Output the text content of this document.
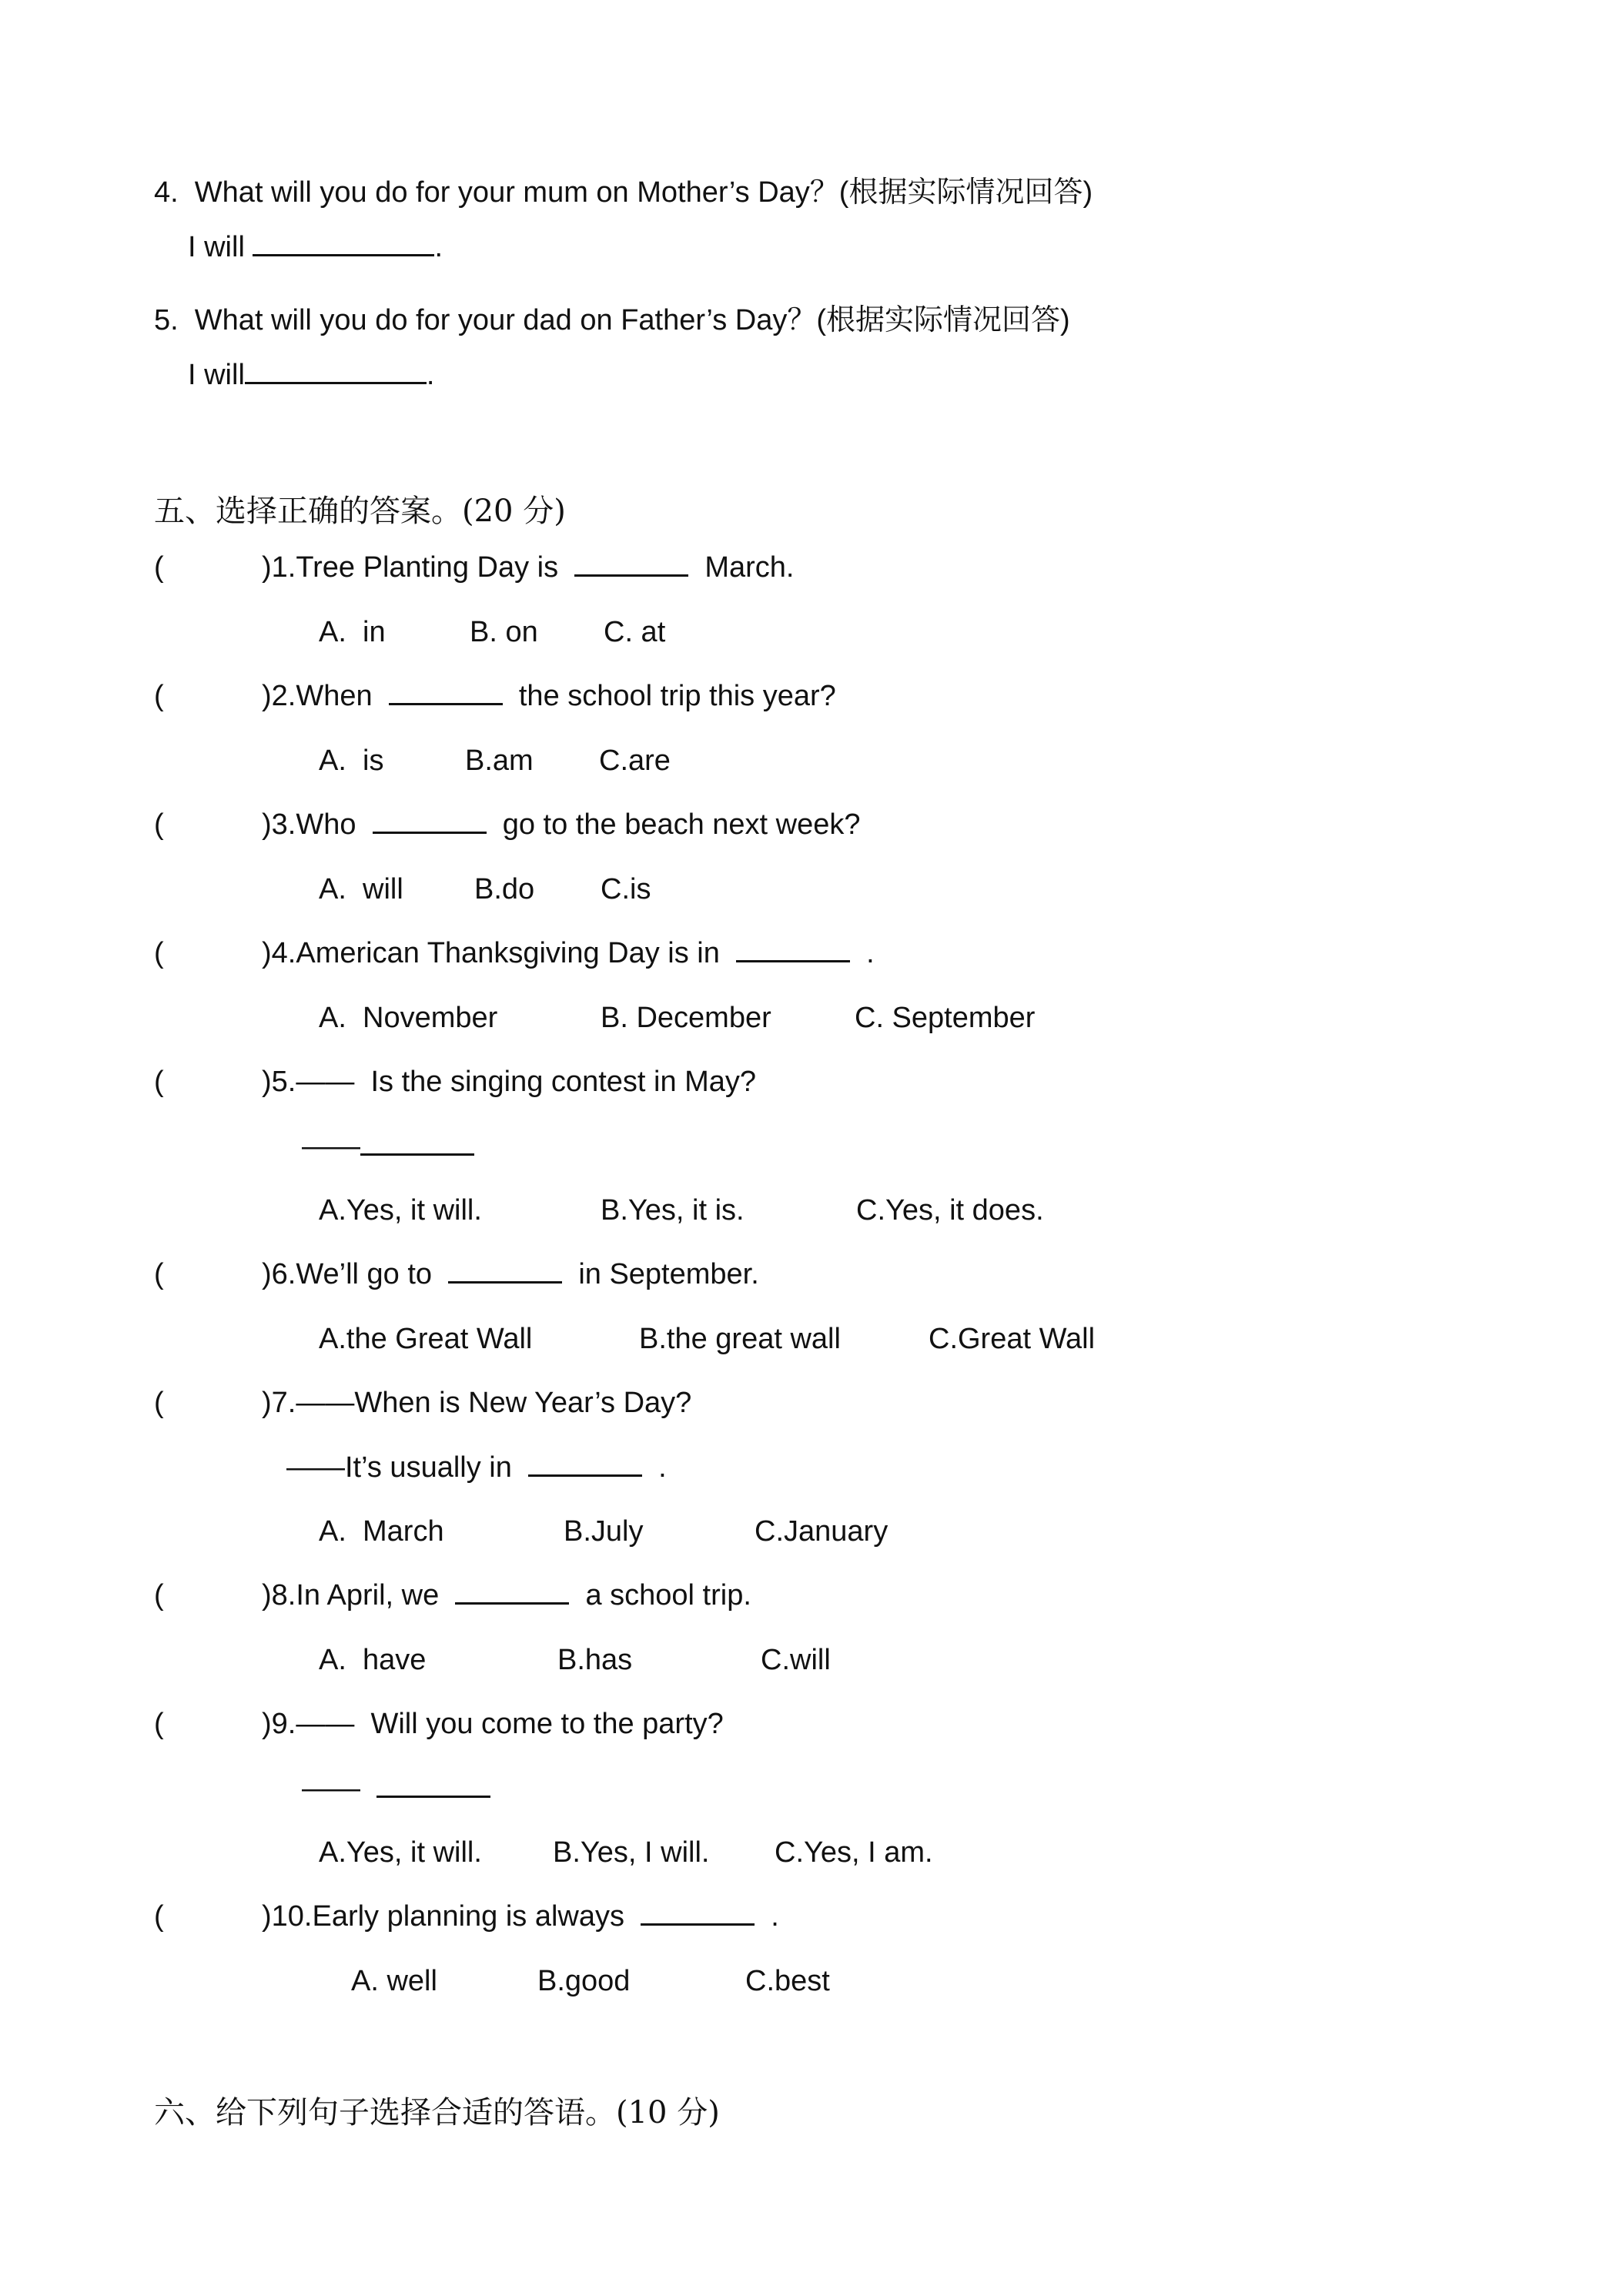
4.  What will you do for your mum on Mother’s Day？(根据实际情况回答)
I will	.
5.  What will you do for your dad on Father’s Day？(根据实际情况回答)
I will	.
五、选择正确的答案。(20 分)
(	)1.Tree Planting Day is	March.
A.  in	B. on C. at
(	)2.When	the school trip this year?
A.  is	B.am C.are
(	)3.Who	go to the beach next week?
A.  will B.do C.is
(	)4.American Thanksgiving Day is in	.
A.  November	B. December	C. September
(	)5.——  Is the singing contest in May?
——
A.Yes, it will.	B.Yes, it is.	C.Yes, it does.
(	)6.We’ll go to	in September.
A.the Great Wall	B.the great wall	C.Great Wall
(	)7.——When is New Year’s Day?
——It’s usually in	.
A.  March	B.July	C.January
(	)8.In April, we	a school trip.
A.  have	B.has	C.will
(	)9.——  Will you come to the party?
——
A.Yes, it will. B.Yes, I will. C.Yes, I am.
(	)10.Early planning is always	.
A. well	B.good	C.best
六、给下列句子选择合适的答语。(10 分)
